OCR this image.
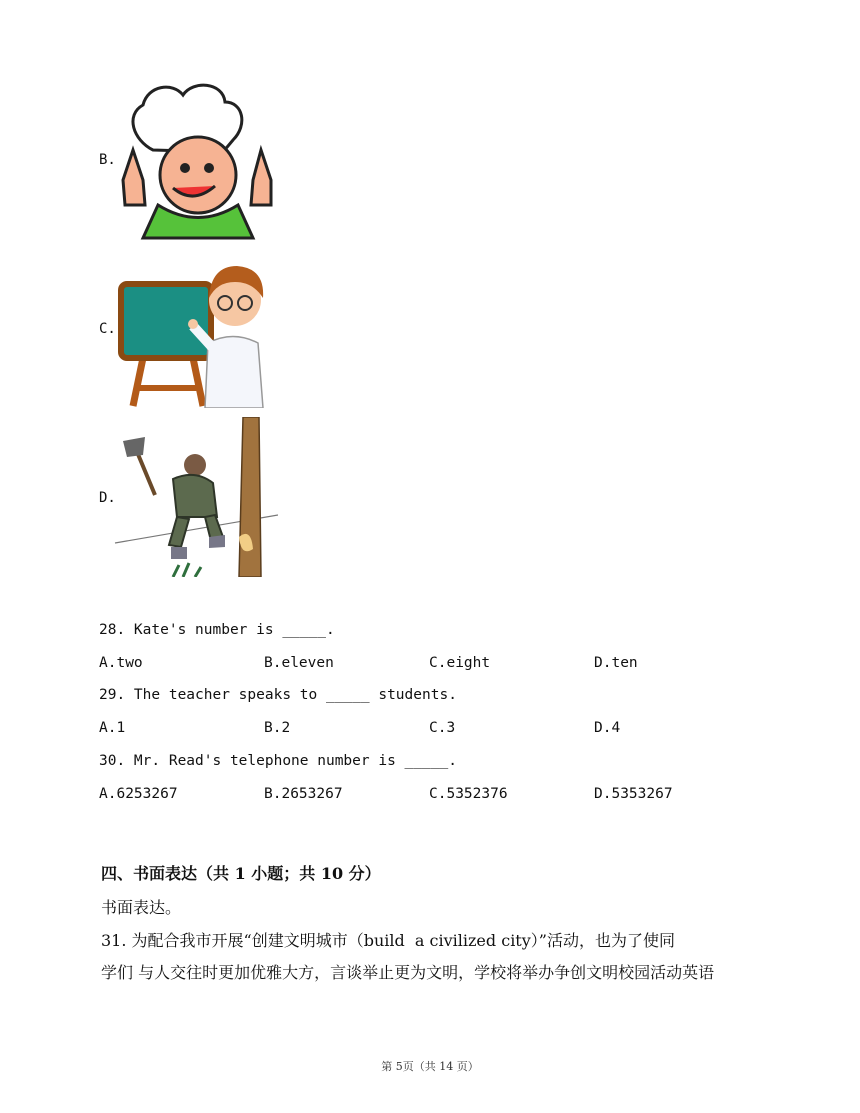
B.
C.
D.
28. Kate's number is _____.
A.two	B.eleven	C.eight	D.ten
29. The teacher speaks to _____ students.
A.1	B.2	C.3	D.4
30. Mr. Read's telephone number is _____.
A.6253267	B.2653267	C.5352376	D.5353267
四、书面表达（共 1 小题；共 10 分）
书面表达。
31. 为配合我市开展“创建文明城市（build  a civilized city）”活动，也为了使同
学们 与人交往时更加优雅大方，言谈举止更为文明，学校将举办争创文明校园活动英语
第 5页（共 14 页）
